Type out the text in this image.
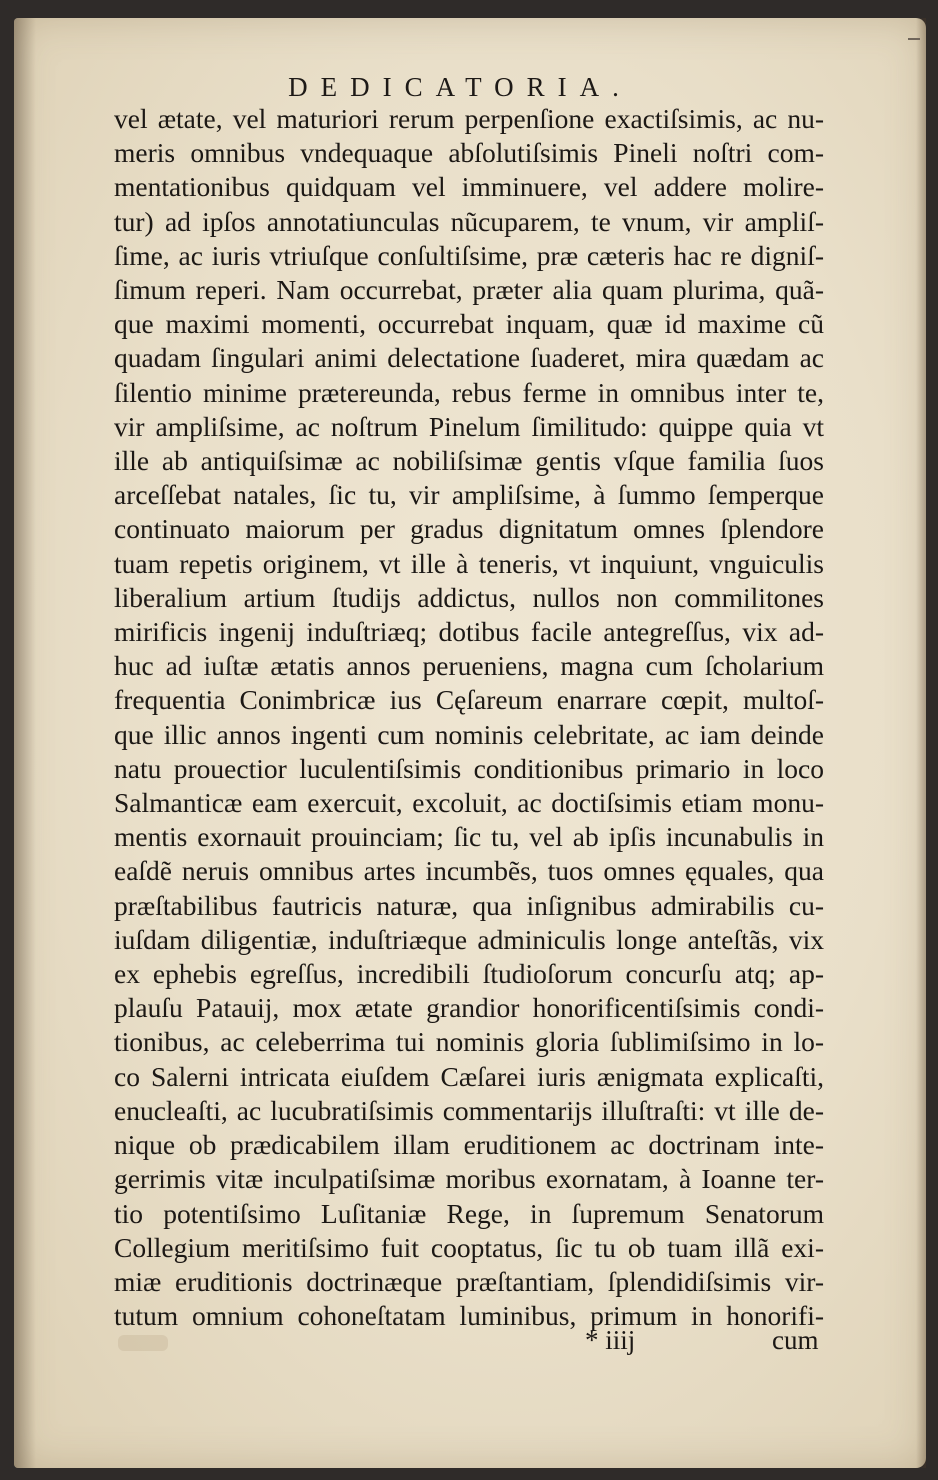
DEDICATORIA.
vel ætate, vel maturiori rerum perpenſione exactiſsimis, ac nu-
meris omnibus vndequaque abſolutiſsimis Pineli noſtri com-
mentationibus quidquam vel imminuere, vel addere molire-
tur) ad ipſos annotatiunculas nũcuparem, te vnum, vir ampliſ-
ſime, ac iuris vtriuſque conſultiſsime, præ cæteris hac re digniſ-
ſimum reperi. Nam occurrebat, præter alia quam plurima, quã-
que maximi momenti, occurrebat inquam, quæ id maxime cũ
quadam ſingulari animi delectatione ſuaderet, mira quædam ac
ſilentio minime prætereunda, rebus ferme in omnibus inter te,
vir ampliſsime, ac noſtrum Pinelum ſimilitudo: quippe quia vt
ille ab antiquiſsimæ ac nobiliſsimæ gentis vſque familia ſuos
arceſſebat natales, ſic tu, vir ampliſsime, à ſummo ſemperque
continuato maiorum per gradus dignitatum omnes ſplendore
tuam repetis originem, vt ille à teneris, vt inquiunt, vnguiculis
liberalium artium ſtudijs addictus, nullos non commilitones
mirificis ingenij induſtriæq; dotibus facile antegreſſus, vix ad-
huc ad iuſtæ ætatis annos perueniens, magna cum ſcholarium
frequentia Conimbricæ ius Cęſareum enarrare cœpit, multoſ-
que illic annos ingenti cum nominis celebritate, ac iam deinde
natu prouectior luculentiſsimis conditionibus primario in loco
Salmanticæ eam exercuit, excoluit, ac doctiſsimis etiam monu-
mentis exornauit prouinciam; ſic tu, vel ab ipſis incunabulis in
eaſdẽ neruis omnibus artes incumbẽs, tuos omnes ęquales, qua
præſtabilibus fautricis naturæ, qua inſignibus admirabilis cu-
iuſdam diligentiæ, induſtriæque adminiculis longe anteſtãs, vix
ex ephebis egreſſus, incredibili ſtudioſorum concurſu atq; ap-
plauſu Patauij, mox ætate grandior honorificentiſsimis condi-
tionibus, ac celeberrima tui nominis gloria ſublimiſsimo in lo-
co Salerni intricata eiuſdem Cæſarei iuris ænigmata explicaſti,
enucleaſti, ac lucubratiſsimis commentarijs illuſtraſti: vt ille de-
nique ob prædicabilem illam eruditionem ac doctrinam inte-
gerrimis vitæ inculpatiſsimæ moribus exornatam, à Ioanne ter-
tio potentiſsimo Luſitaniæ Rege, in ſupremum Senatorum
Collegium meritiſsimo fuit cooptatus, ſic tu ob tuam illã exi-
miæ eruditionis doctrinæque præſtantiam, ſplendidiſsimis vir-
tutum omnium cohoneſtatam luminibus, primum in honorifi-
* iiij	cum
